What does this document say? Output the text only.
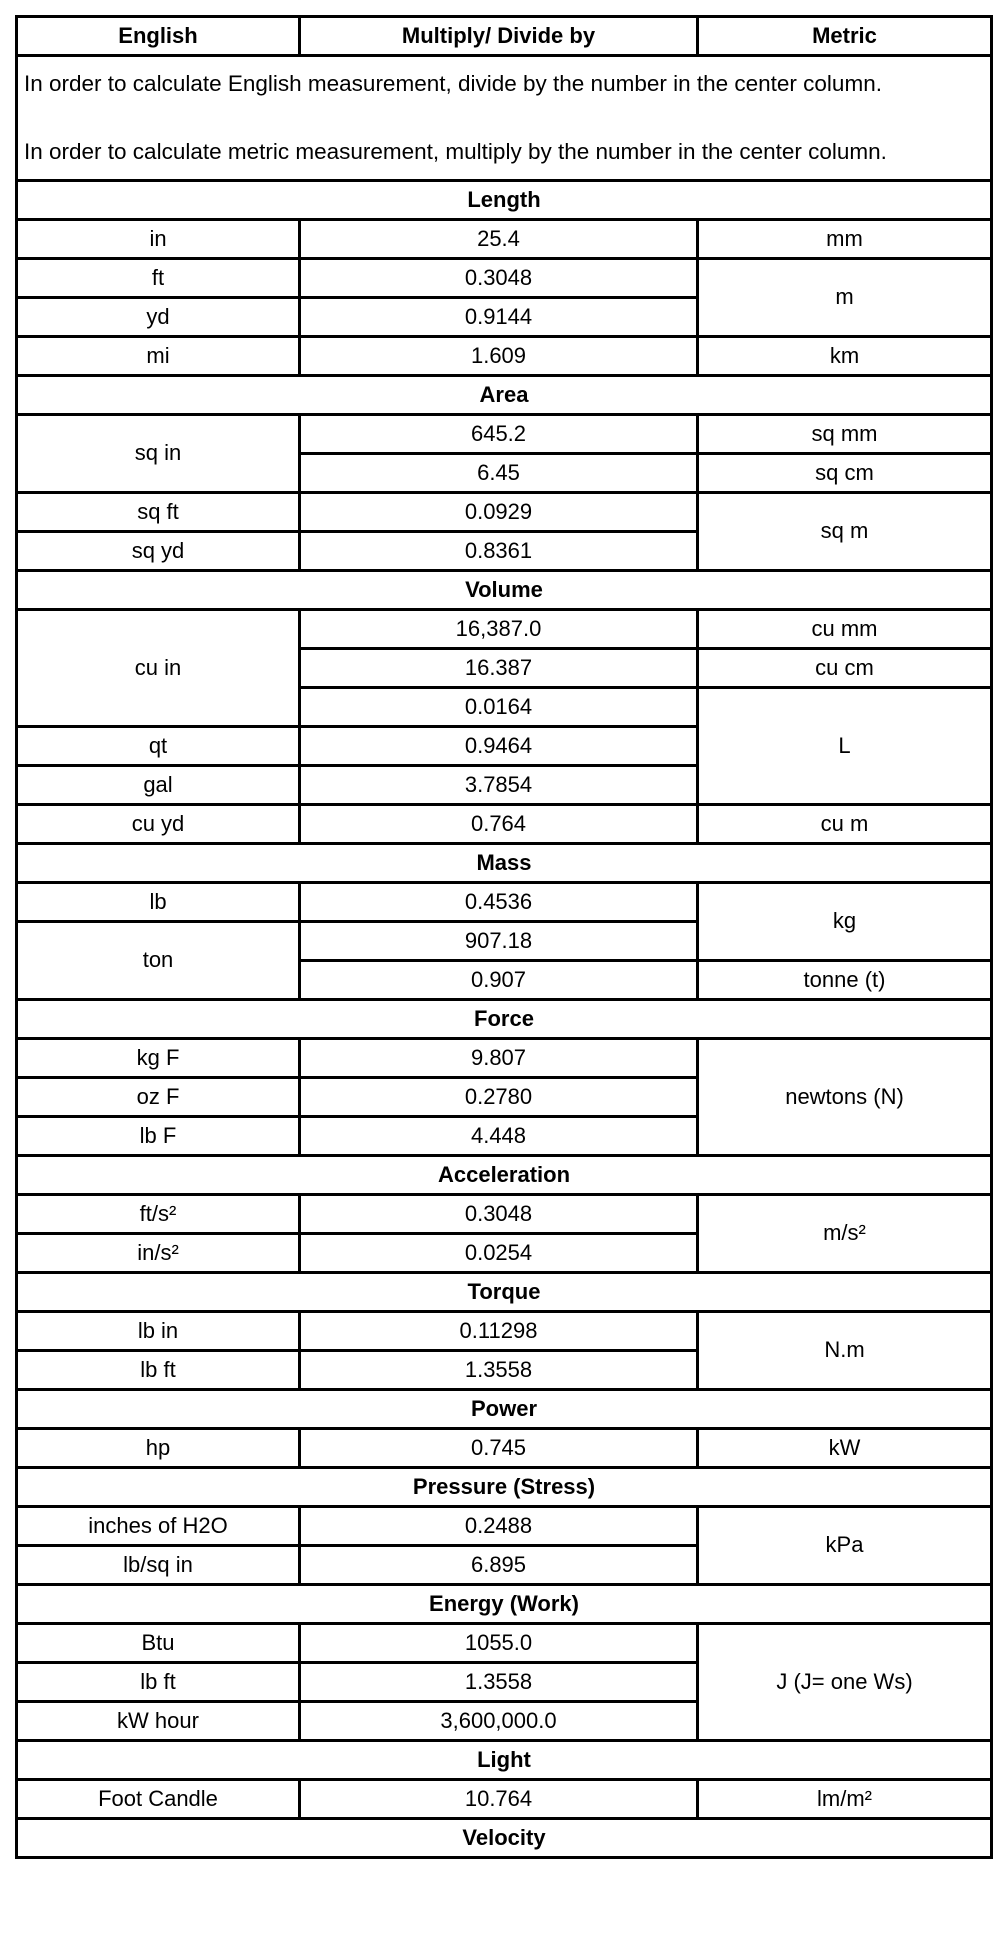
English	Multiply/ Divide by	Metric

In order to calculate English measurement, divide by the number in the center column.
In order to calculate metric measurement, multiply by the number in the center column.		

Length		
in	25.4	mm
ft	0.3048	m
yd	0.9144	
mi	1.609	km
Area		
sq in	645.2	sq mm
	6.45	sq cm
sq ft	0.0929	sq m
sq yd	0.8361	
Volume		
cu in	16,387.0	cu mm
	16.387	cu cm
	0.0164	L
qt	0.9464	
gal	3.7854	
cu yd	0.764	cu m
Mass		
lb	0.4536	kg
ton	907.18	
	0.907	tonne (t)
Force		
kg F	9.807	newtons (N)
oz F	0.2780	
lb F	4.448	
Acceleration		
ft/s²	0.3048	m/s²
in/s²	0.0254	
Torque		
lb in	0.11298	N.m
lb ft	1.3558	
Power		
hp	0.745	kW
Pressure (Stress)		
inches of H2O	0.2488	kPa
lb/sq in	6.895	
Energy (Work)		
Btu	1055.0	J (J= one Ws)
lb ft	1.3558	
kW hour	3,600,000.0	
Light		
Foot Candle	10.764	lm/m²
Velocity		
